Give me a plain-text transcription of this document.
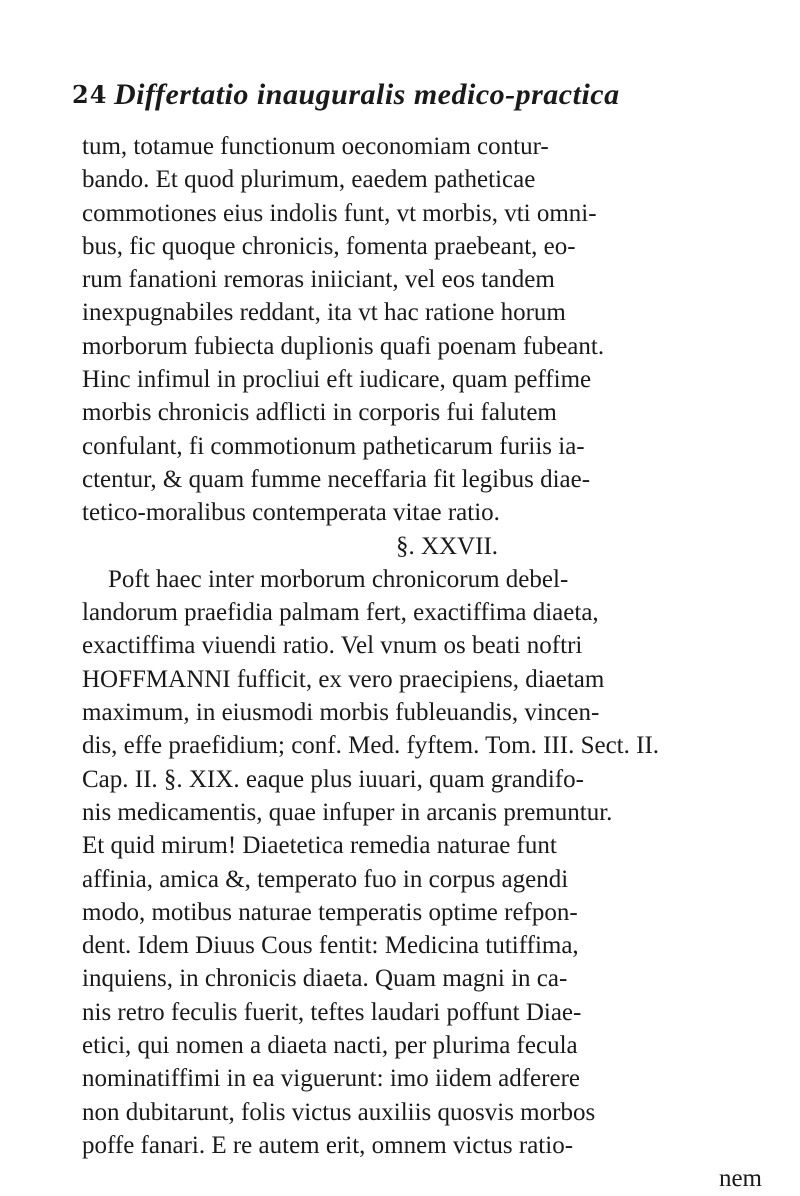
24 Differtatio inauguralis medico-practica
tum, totamue functionum oeconomiam contur-
bando. Et quod plurimum, eaedem patheticae
commotiones eius indolis funt, vt morbis, vti omni-
bus, fic quoque chronicis, fomenta praebeant, eo-
rum fanationi remoras iniiciant, vel eos tandem
inexpugnabiles reddant, ita vt hac ratione horum
morborum fubiecta duplionis quafi poenam fubeant.
Hinc infimul in procliui eft iudicare, quam peffime
morbis chronicis adflicti in corporis fui falutem
confulant, fi commotionum patheticarum furiis ia-
ctentur, & quam fumme neceffaria fit legibus diae-
tetico-moralibus contemperata vitae ratio.
§. XXVII.
Poft haec inter morborum chronicorum debel-
landorum praefidia palmam fert, exactiffima diaeta,
exactiffima viuendi ratio. Vel vnum os beati noftri
HOFFMANNI fufficit, ex vero praecipiens, diaetam
maximum, in eiusmodi morbis fubleuandis, vincen-
dis, effe praefidium; conf. Med. fyftem. Tom. III. Sect. II.
Cap. II. §. XIX. eaque plus iuuari, quam grandifo-
nis medicamentis, quae infuper in arcanis premuntur.
Et quid mirum! Diaetetica remedia naturae funt
affinia, amica &, temperato fuo in corpus agendi
modo, motibus naturae temperatis optime refpon-
dent. Idem Diuus Cous fentit: Medicina tutiffima,
inquiens, in chronicis diaeta. Quam magni in ca-
nis retro feculis fuerit, teftes laudari poffunt Diae-
etici, qui nomen a diaeta nacti, per plurima fecula
nominatiffimi in ea viguerunt: imo iidem adferere
non dubitarunt, folis victus auxiliis quosvis morbos
poffe fanari. E re autem erit, omnem victus ratio-
nem
